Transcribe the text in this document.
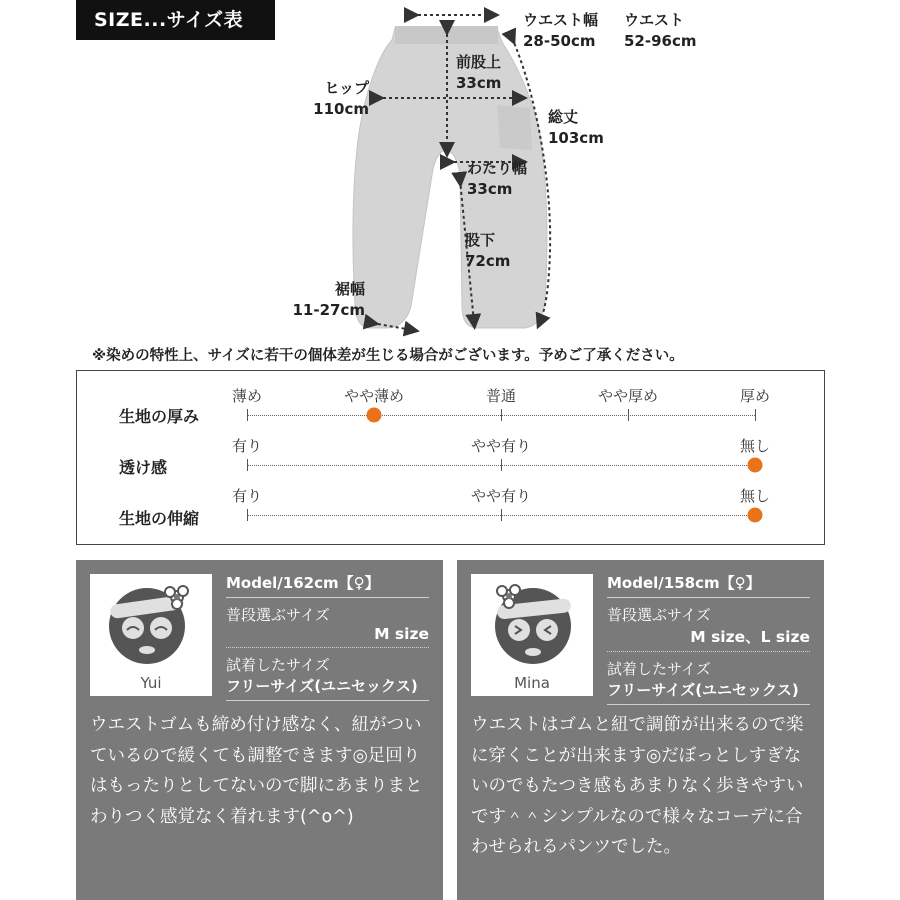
SIZE...サイズ表	ウエスト幅
28-50cm
ウエスト
52-96cm
前股上
33cm
ヒップ
110cm	総丈
103cm
わたり幅
33cm
股下
72cm
裾幅
11-27cm
※染めの特性上、サイズに若干の個体差が生じる場合がございます。予めご了承ください。
生地の厚み
薄め	やや薄め	普通	やや厚め	厚め
透け感
有り	やや有り	無し
生地の伸縮
有り	やや有り	無し
Yui
Model/162cm【♀】
普段選ぶサイズ
M size
試着したサイズ
フリーサイズ(ユニセックス)
ウエストゴムも締め付け感なく、紐がついているので緩くても調整できます◎足回りはもったりとしてないので脚にあまりまとわりつく感覚なく着れます(^o^)
Mina
Model/158cm【♀】
普段選ぶサイズ
M size、L size
試着したサイズ
フリーサイズ(ユニセックス)
ウエストはゴムと紐で調節が出来るので楽に穿くことが出来ます◎だぼっとしすぎないのでもたつき感もあまりなく歩きやすいです＾＾シンプルなので様々なコーデに合わせられるパンツでした。
